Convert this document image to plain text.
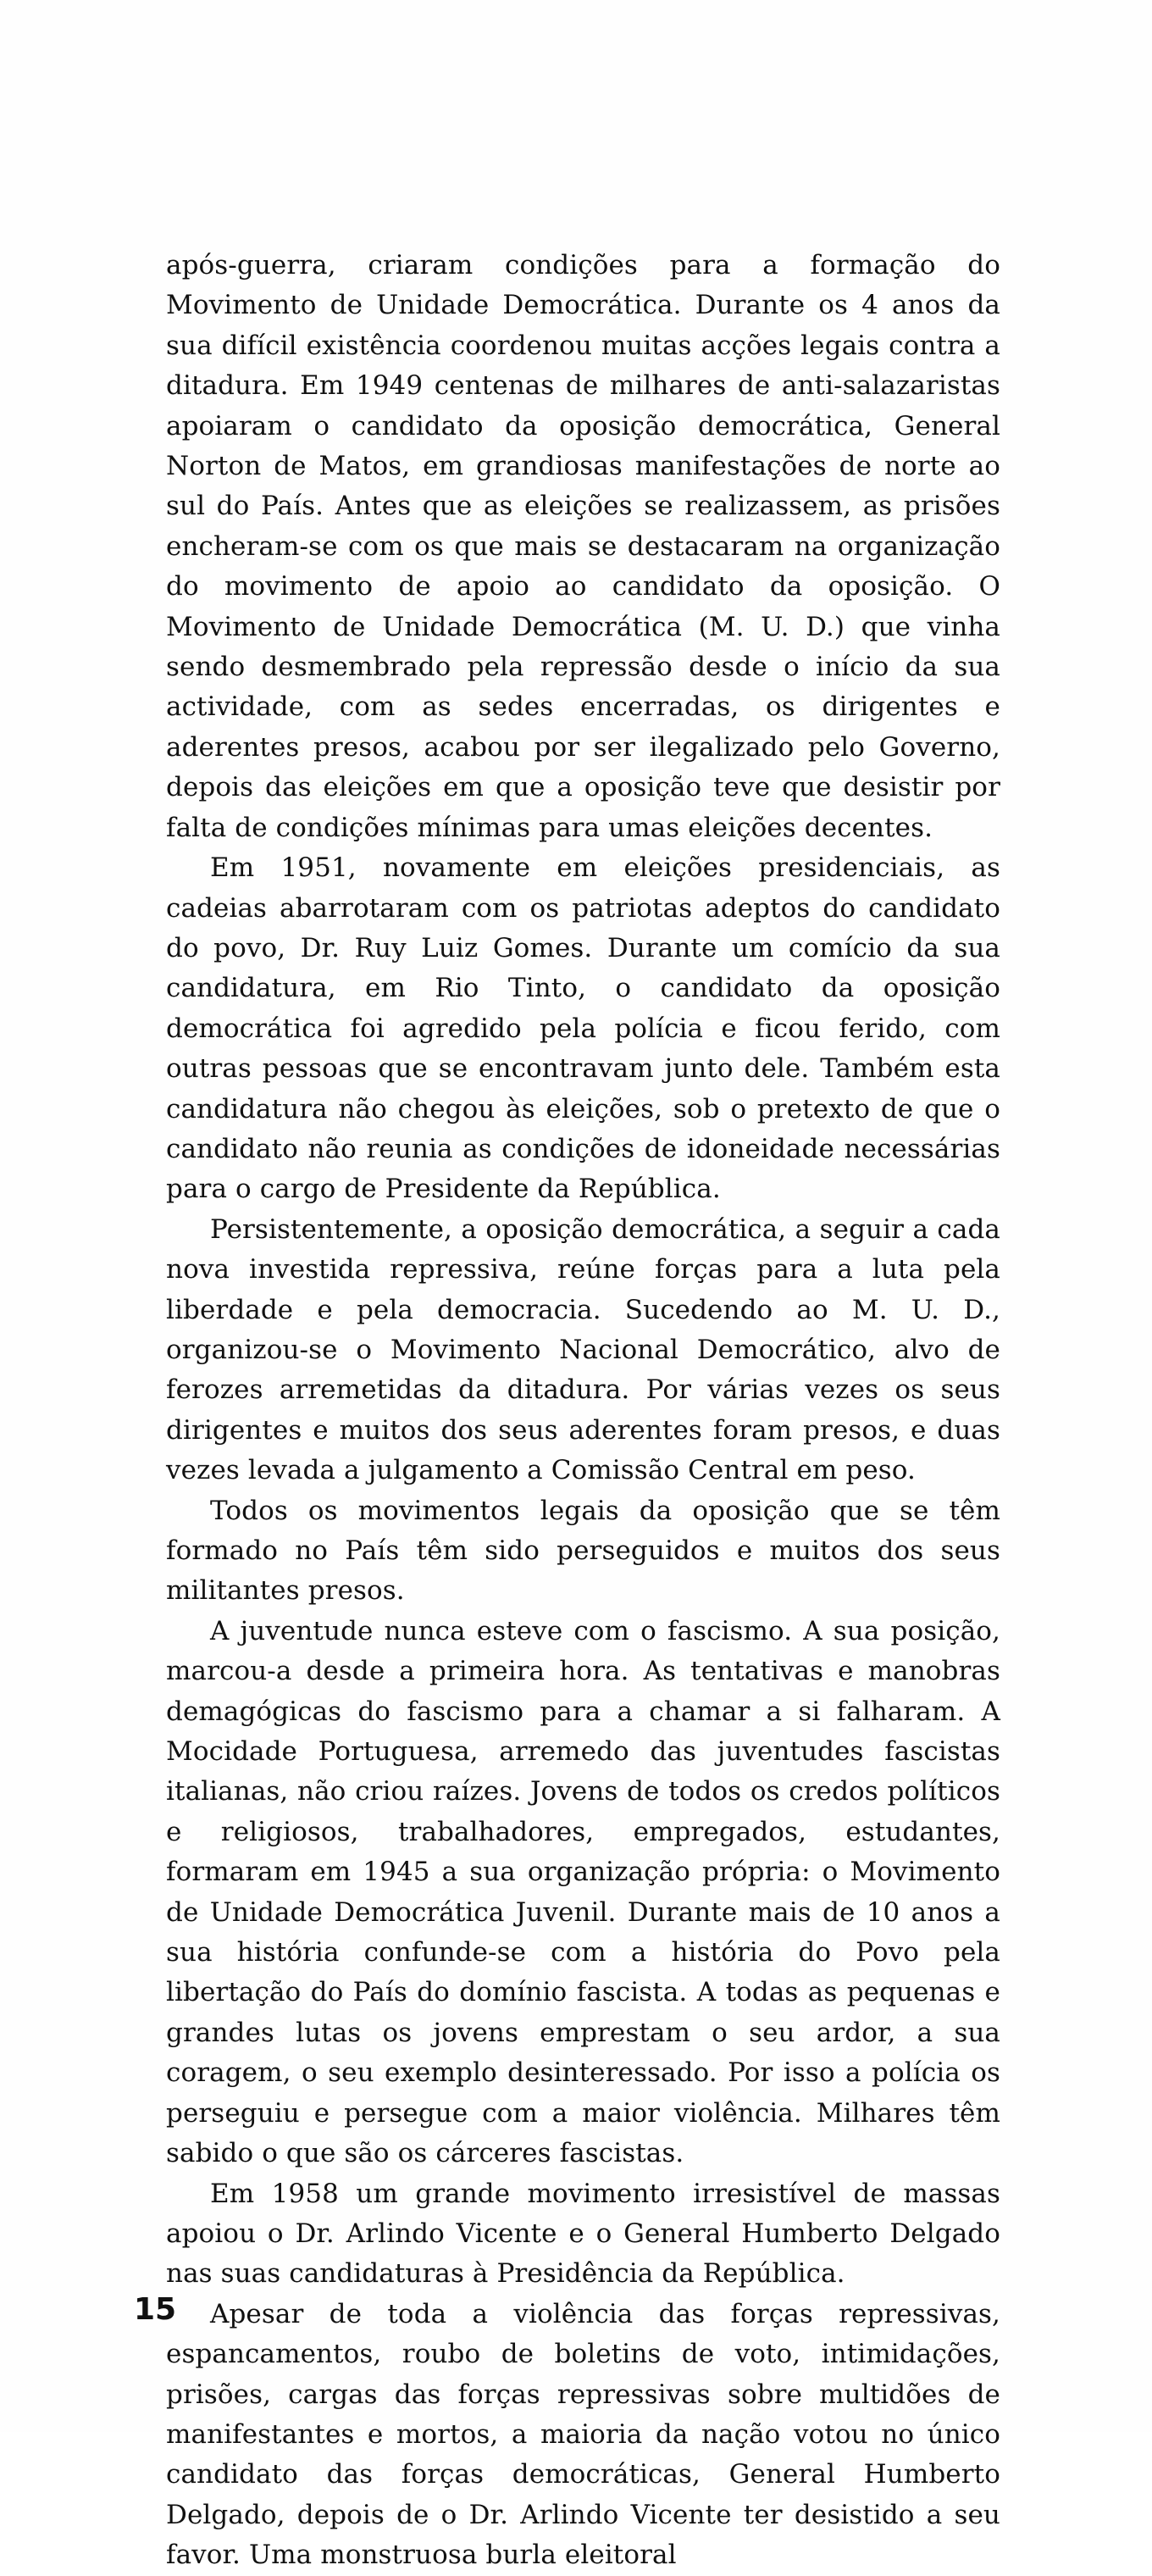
após-guerra, criaram condições para a formação do Movimento de Unidade Democrática. Durante os 4 anos da sua difícil existência coordenou muitas acções legais contra a ditadura. Em 1949 centenas de milhares de anti-salazaristas apoiaram o candidato da oposição democrática, General Norton de Matos, em grandiosas manifestações de norte ao sul do País. Antes que as eleições se realizassem, as prisões encheram-se com os que mais se destacaram na organização do movimento de apoio ao candidato da oposição. O Movimento de Unidade Democrática (M. U. D.) que vinha sendo desmembrado pela repressão desde o início da sua actividade, com as sedes encerradas, os dirigentes e aderentes presos, acabou por ser ilegalizado pelo Governo, depois das eleições em que a oposição teve que desistir por falta de condições mínimas para umas eleições decentes.

Em 1951, novamente em eleições presidenciais, as cadeias abarrotaram com os patriotas adeptos do candidato do povo, Dr. Ruy Luiz Gomes. Durante um comício da sua candidatura, em Rio Tinto, o candidato da oposição democrática foi agredido pela polícia e ficou ferido, com outras pessoas que se encontravam junto dele. Também esta candidatura não chegou às eleições, sob o pretexto de que o candidato não reunia as condições de idoneidade necessárias para o cargo de Presidente da República.

Persistentemente, a oposição democrática, a seguir a cada nova investida repressiva, reúne forças para a luta pela liberdade e pela democracia. Sucedendo ao M. U. D., organizou-se o Movimento Nacional Democrático, alvo de ferozes arremetidas da ditadura. Por várias vezes os seus dirigentes e muitos dos seus aderentes foram presos, e duas vezes levada a julgamento a Comissão Central em peso.

Todos os movimentos legais da oposição que se têm formado no País têm sido perseguidos e muitos dos seus militantes presos.

A juventude nunca esteve com o fascismo. A sua posição, marcou-a desde a primeira hora. As tentativas e manobras demagógicas do fascismo para a chamar a si falharam. A Mocidade Portuguesa, arremedo das juventudes fascistas italianas, não criou raízes. Jovens de todos os credos políticos e religiosos, trabalhadores, empregados, estudantes, formaram em 1945 a sua organização própria: o Movimento de Unidade Democrática Juvenil. Durante mais de 10 anos a sua história confunde-se com a história do Povo pela libertação do País do domínio fascista. A todas as pequenas e grandes lutas os jovens emprestam o seu ardor, a sua coragem, o seu exemplo desinteressado. Por isso a polícia os perseguiu e persegue com a maior violência. Milhares têm sabido o que são os cárceres fascistas.

Em 1958 um grande movimento irresistível de massas apoiou o Dr. Arlindo Vicente e o General Humberto Delgado nas suas candidaturas à Presidência da República.

Apesar de toda a violência das forças repressivas, espancamentos, roubo de boletins de voto, intimidações, prisões, cargas das forças repressivas sobre multidões de manifestantes e mortos, a maioria da nação votou no único candidato das forças democráticas, General Humberto Delgado, depois de o Dr. Arlindo Vicente ter desistido a seu favor. Uma monstruosa burla eleitoral

15
